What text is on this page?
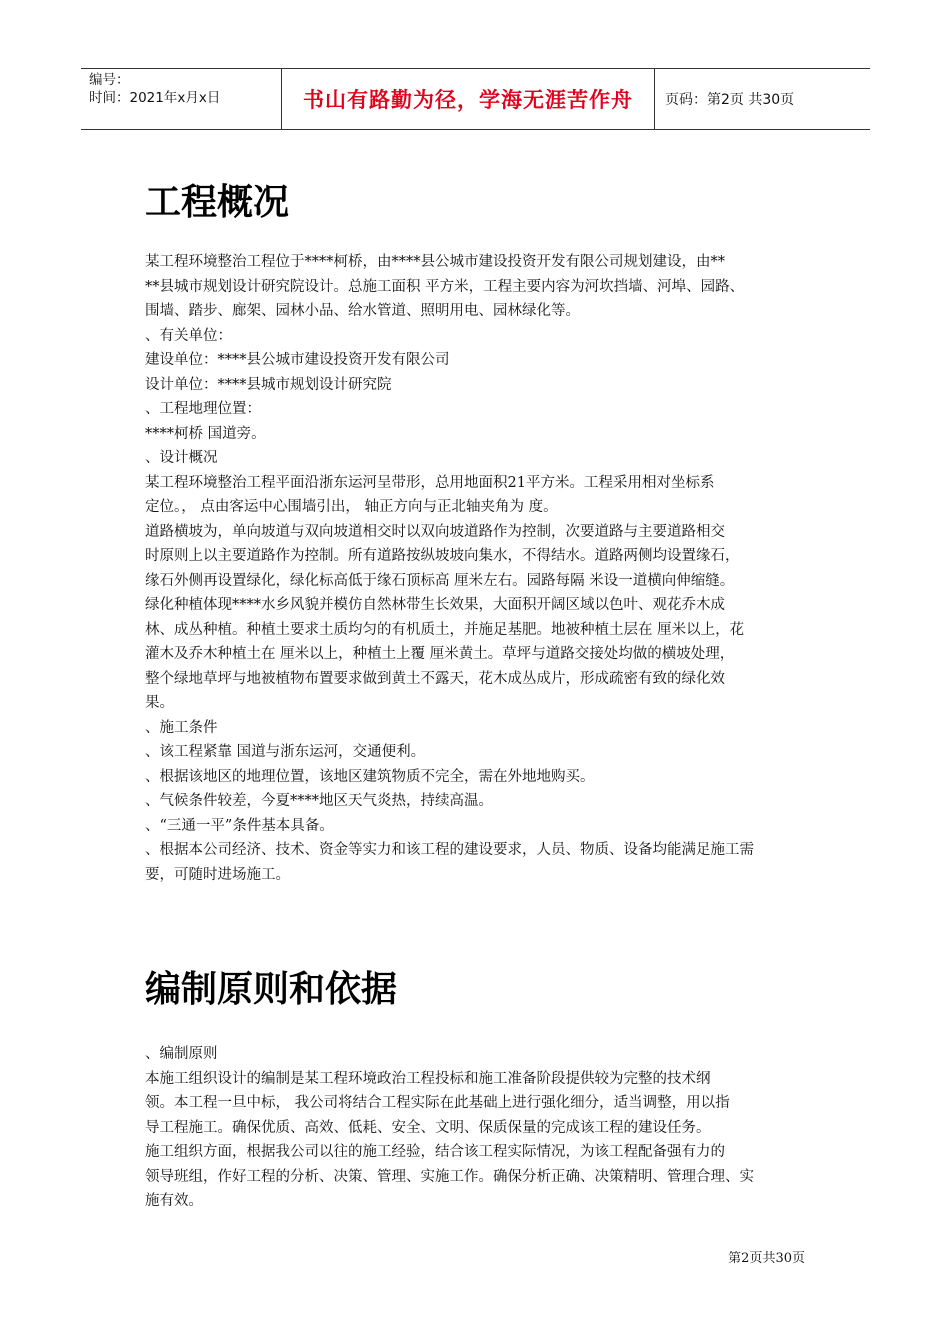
编号：
时间：2021年x月x日	书山有路勤为径，学海无涯苦作舟 页码：第2页 共30页
工程概况

某工程环境整治工程位于****柯桥，由****县公城市建设投资开发有限公司规划建设，由**

**县城市规划设计研究院设计。总施工面积 平方米，工程主要内容为河坎挡墙、河埠、园路、

围墙、踏步、廊架、园林小品、给水管道、照明用电、园林绿化等。

、有关单位：

建设单位：****县公城市建设投资开发有限公司

设计单位：****县城市规划设计研究院

、工程地理位置：

****柯桥 国道旁。

、设计概况

某工程环境整治工程平面沿浙东运河呈带形，总用地面积21平方米。工程采用相对坐标系

定位。， 点由客运中心围墙引出， 轴正方向与正北轴夹角为 度。

道路横坡为，单向坡道与双向坡道相交时以双向坡道路作为控制，次要道路与主要道路相交

时原则上以主要道路作为控制。所有道路按纵坡坡向集水，不得结水。道路两侧均设置缘石，

缘石外侧再设置绿化，绿化标高低于缘石顶标高 厘米左右。园路每隔 米设一道横向伸缩缝。

绿化种植体现****水乡风貌并模仿自然林带生长效果，大面积开阔区域以色叶、观花乔木成

林、成丛种植。种植土要求土质均匀的有机质土，并施足基肥。地被种植土层在 厘米以上，花

灌木及乔木种植土在 厘米以上，种植土上覆 厘米黄土。草坪与道路交接处均做的横坡处理，

整个绿地草坪与地被植物布置要求做到黄土不露天，花木成丛成片，形成疏密有致的绿化效

果。

、施工条件

、该工程紧靠 国道与浙东运河，交通便利。

、根据该地区的地理位置，该地区建筑物质不完全，需在外地地购买。

、气候条件较差，今夏****地区天气炎热，持续高温。

、“三通一平”条件基本具备。

、根据本公司经济、技术、资金等实力和该工程的建设要求，人员、物质、设备均能满足施工需

要，可随时进场施工。

编制原则和依据

、编制原则

本施工组织设计的编制是某工程环境政治工程投标和施工准备阶段提供较为完整的技术纲

领。本工程一旦中标， 我公司将结合工程实际在此基础上进行强化细分，适当调整，用以指

导工程施工。确保优质、高效、低耗、安全、文明、保质保量的完成该工程的建设任务。

施工组织方面，根据我公司以往的施工经验，结合该工程实际情况，为该工程配备强有力的

领导班组，作好工程的分析、决策、管理、实施工作。确保分析正确、决策精明、管理合理、实

施有效。

第2页共30页
